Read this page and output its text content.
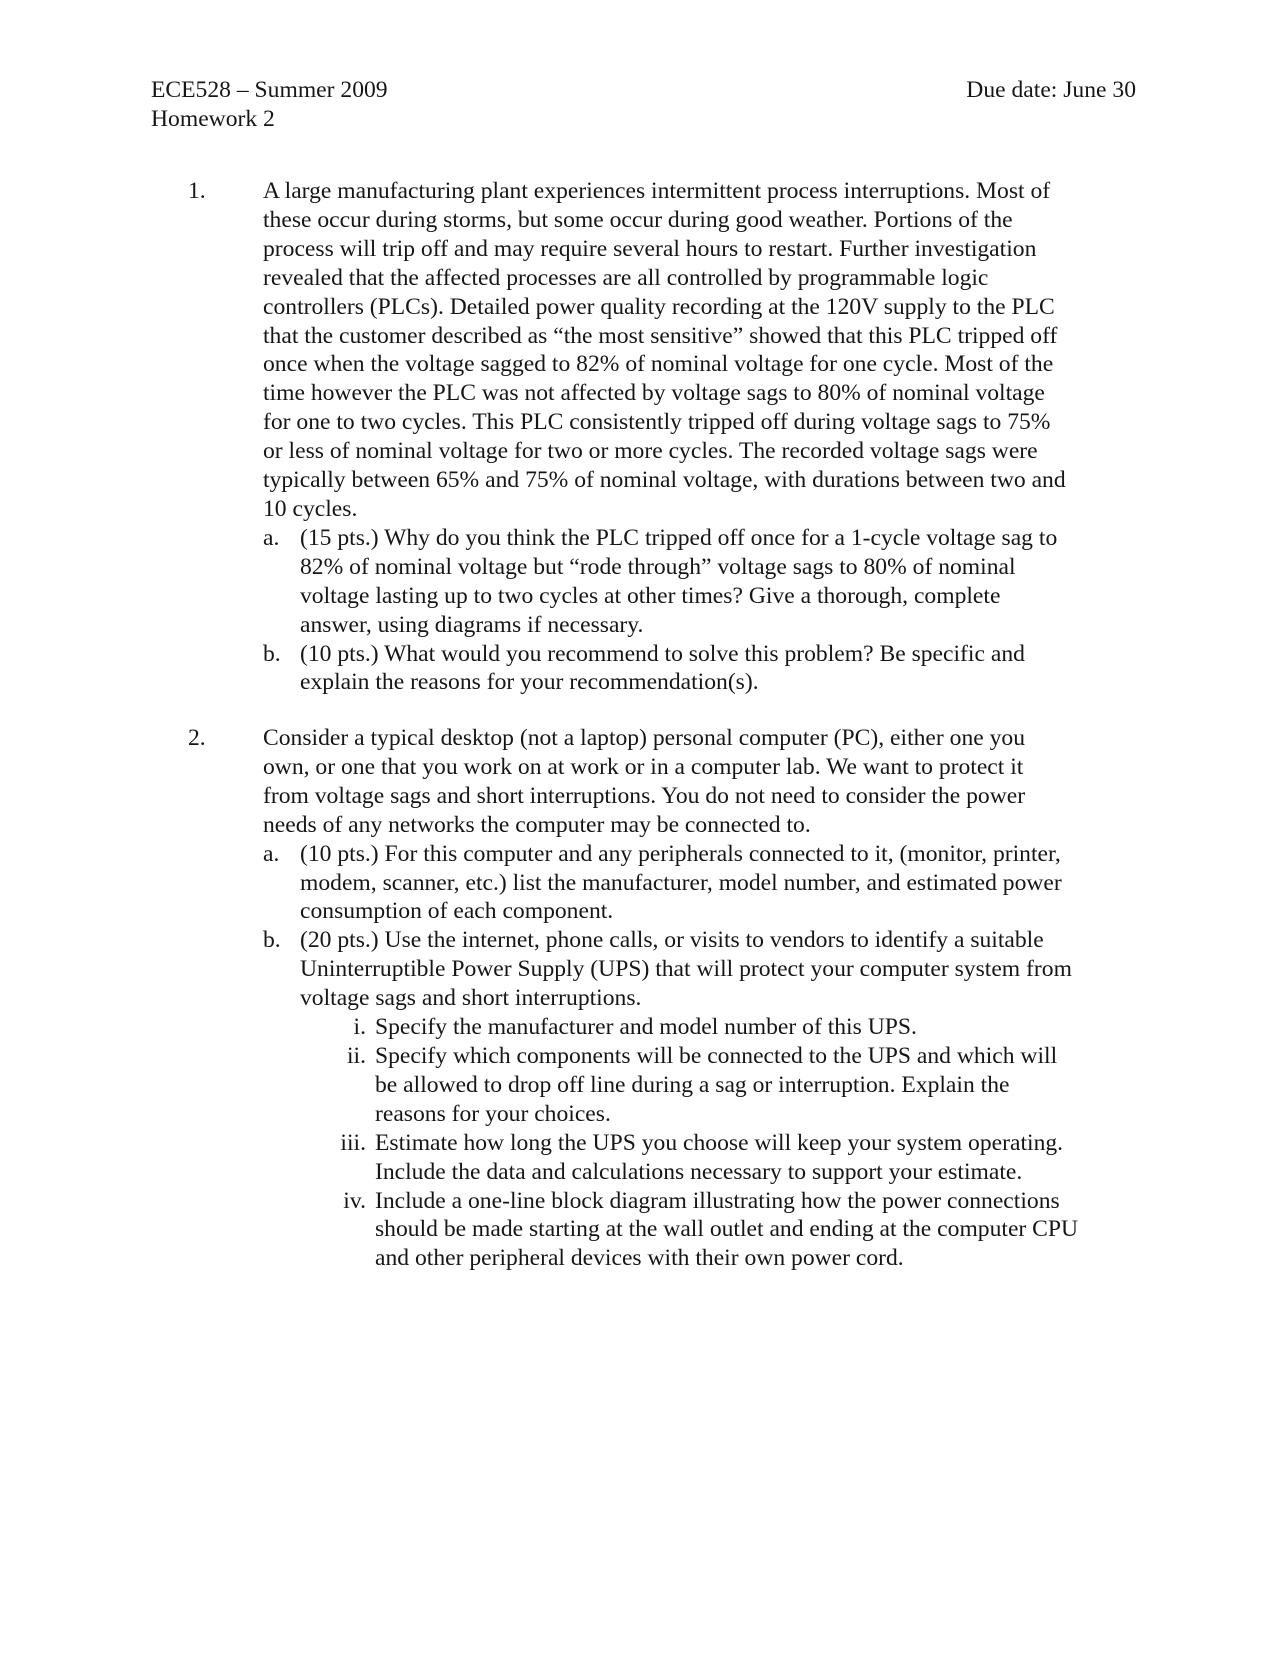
ECE528 – Summer 2009
Homework 2
Due date: June 30
1. A large manufacturing plant experiences intermittent process interruptions. Most of
these occur during storms, but some occur during good weather. Portions of the
process will trip off and may require several hours to restart. Further investigation
revealed that the affected processes are all controlled by programmable logic
controllers (PLCs). Detailed power quality recording at the 120V supply to the PLC
that the customer described as “the most sensitive” showed that this PLC tripped off
once when the voltage sagged to 82% of nominal voltage for one cycle. Most of the
time however the PLC was not affected by voltage sags to 80% of nominal voltage
for one to two cycles. This PLC consistently tripped off during voltage sags to 75%
or less of nominal voltage for two or more cycles. The recorded voltage sags were
typically between 65% and 75% of nominal voltage, with durations between two and
10 cycles.
a. (15 pts.) Why do you think the PLC tripped off once for a 1-cycle voltage sag to
82% of nominal voltage but “rode through” voltage sags to 80% of nominal
voltage lasting up to two cycles at other times? Give a thorough, complete
answer, using diagrams if necessary.
b. (10 pts.) What would you recommend to solve this problem? Be specific and
explain the reasons for your recommendation(s).
2. Consider a typical desktop (not a laptop) personal computer (PC), either one you
own, or one that you work on at work or in a computer lab. We want to protect it
from voltage sags and short interruptions. You do not need to consider the power
needs of any networks the computer may be connected to.
a. (10 pts.) For this computer and any peripherals connected to it, (monitor, printer,
modem, scanner, etc.) list the manufacturer, model number, and estimated power
consumption of each component.
b. (20 pts.) Use the internet, phone calls, or visits to vendors to identify a suitable
Uninterruptible Power Supply (UPS) that will protect your computer system from
voltage sags and short interruptions.
i. Specify the manufacturer and model number of this UPS.
ii. Specify which components will be connected to the UPS and which will
be allowed to drop off line during a sag or interruption. Explain the
reasons for your choices.
iii. Estimate how long the UPS you choose will keep your system operating.
Include the data and calculations necessary to support your estimate.
iv. Include a one-line block diagram illustrating how the power connections
should be made starting at the wall outlet and ending at the computer CPU
and other peripheral devices with their own power cord.
